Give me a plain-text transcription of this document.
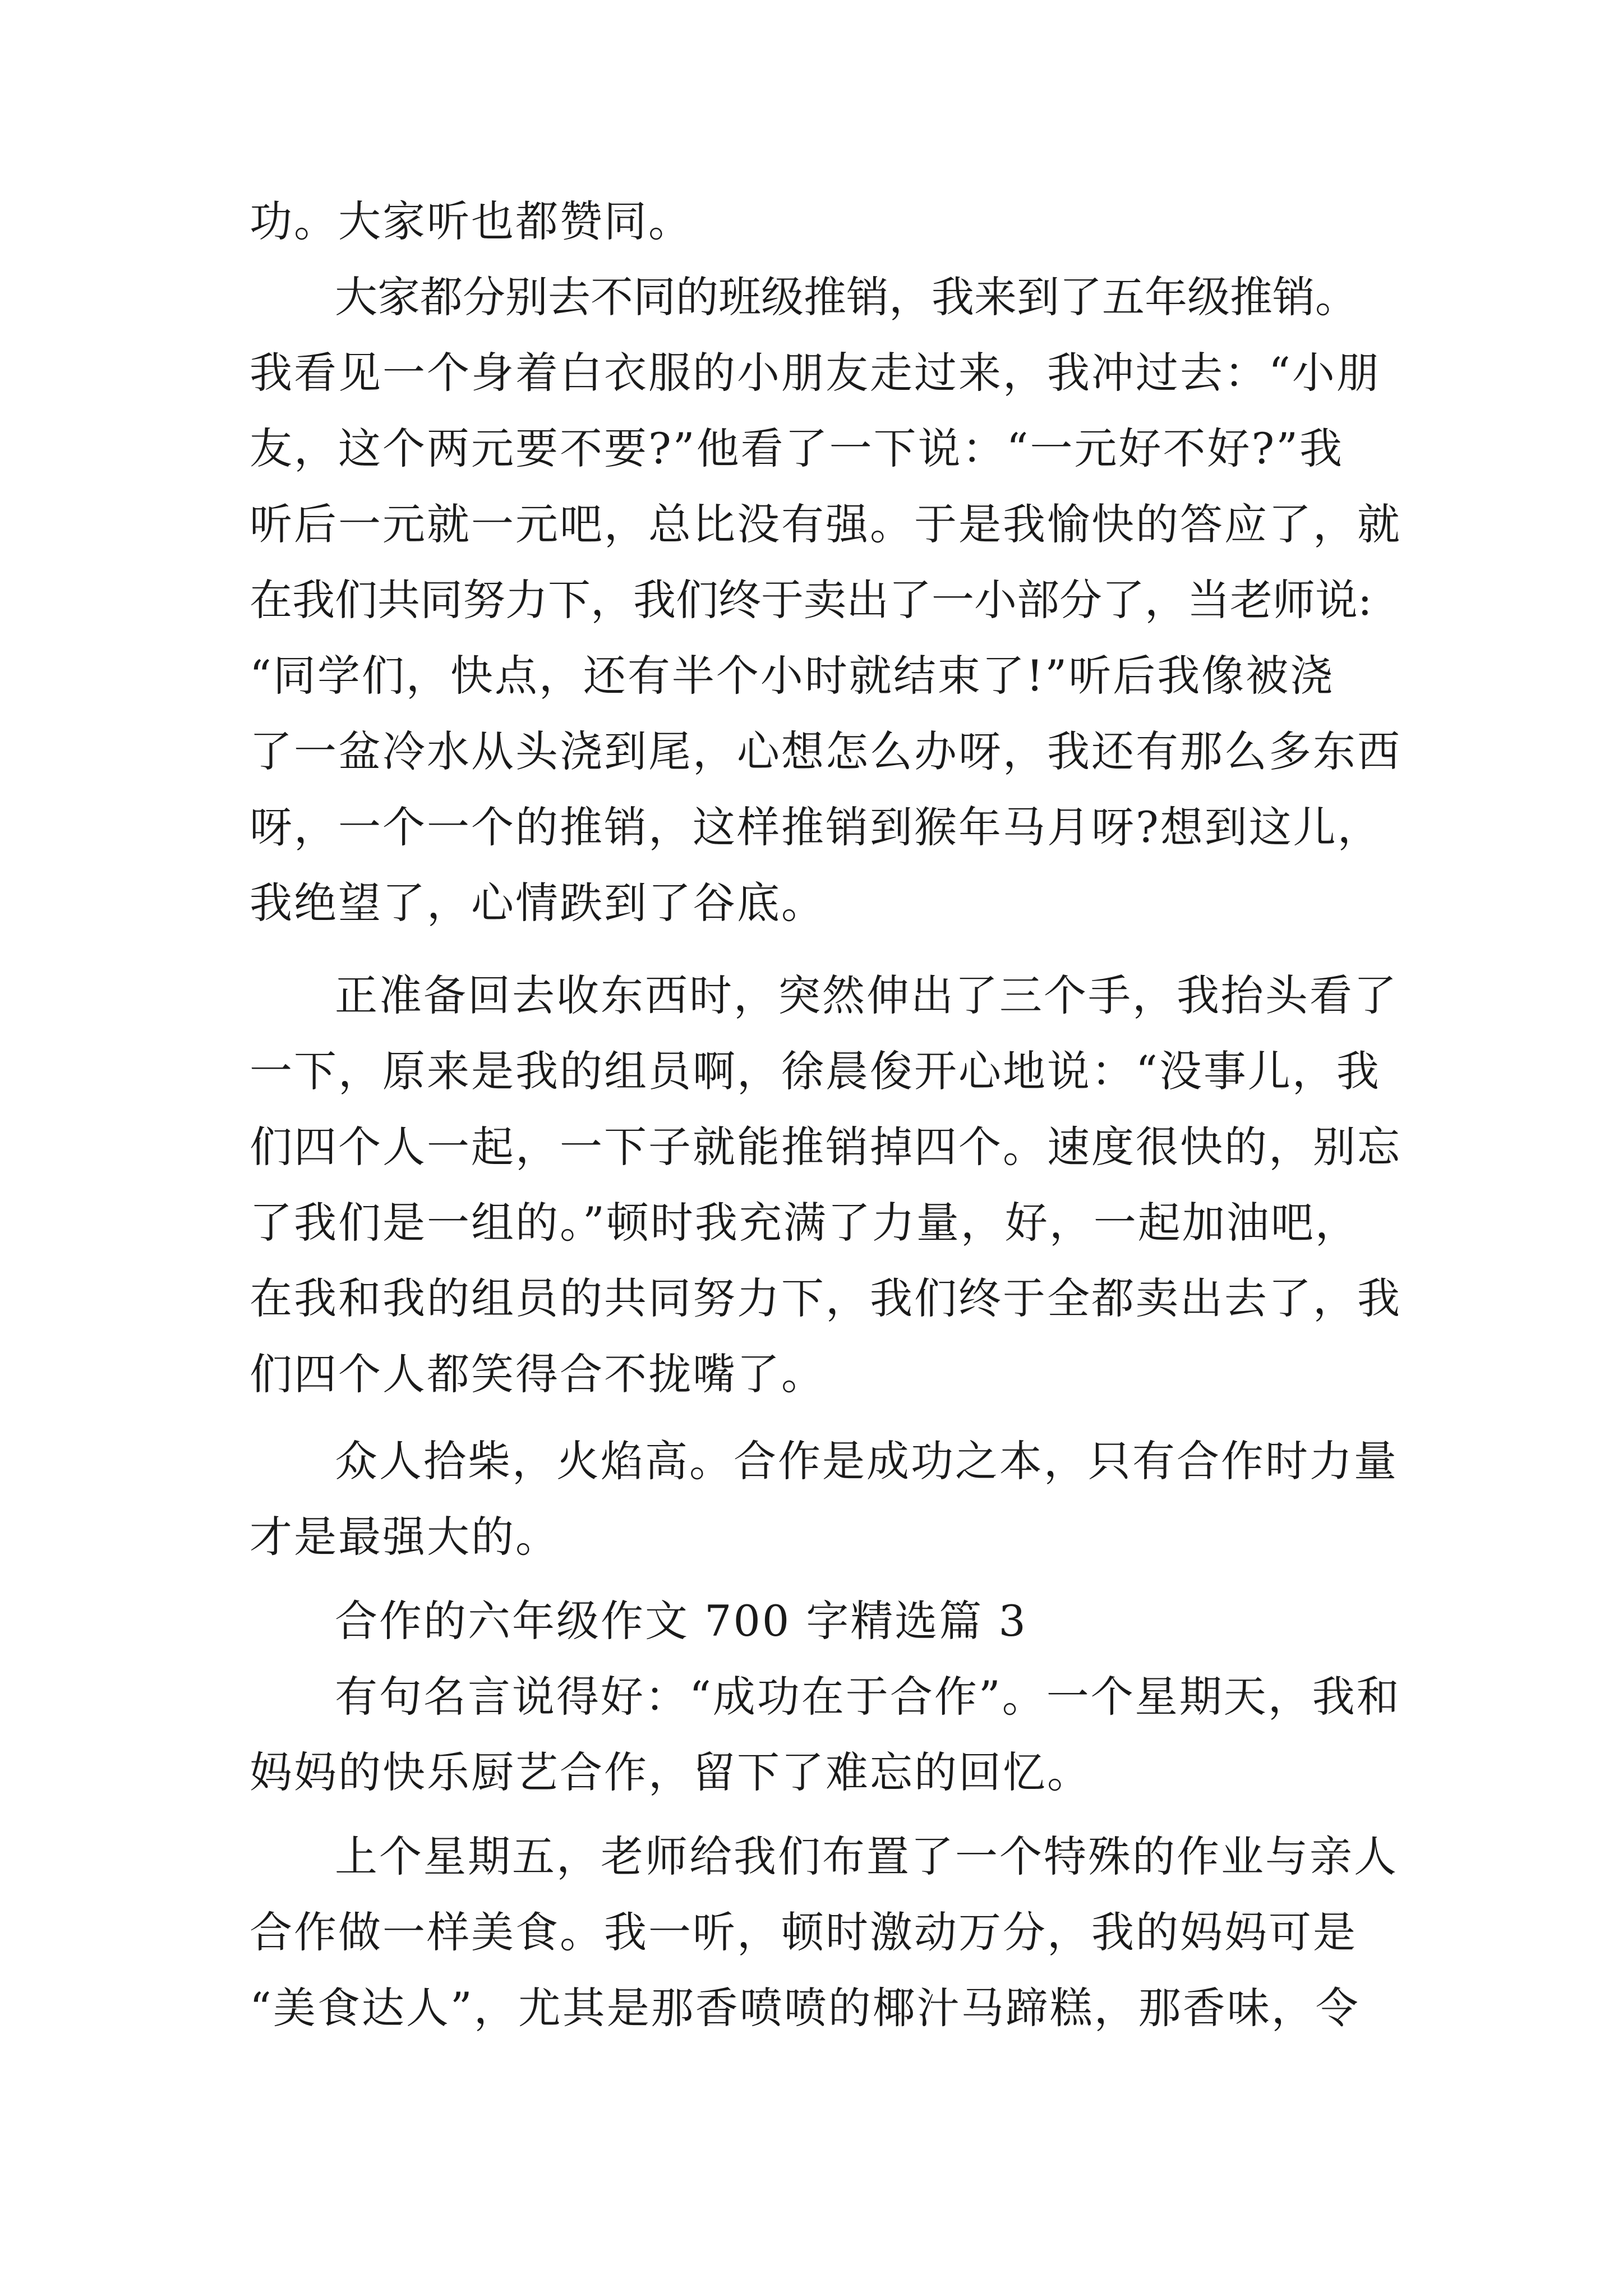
功。大家听也都赞同。

大家都分别去不同的班级推销，我来到了五年级推销。

我看见一个身着白衣服的小朋友走过来，我冲过去：“小朋

友，这个两元要不要?”他看了一下说：“一元好不好?”我

听后一元就一元吧，总比没有强。于是我愉快的答应了，就

在我们共同努力下，我们终于卖出了一小部分了，当老师说:

“同学们，快点，还有半个小时就结束了!”听后我像被浇

了一盆冷水从头浇到尾，心想怎么办呀，我还有那么多东西

呀，一个一个的推销，这样推销到猴年马月呀?想到这儿，

我绝望了，心情跌到了谷底。

正准备回去收东西时，突然伸出了三个手，我抬头看了

一下，原来是我的组员啊，徐晨俊开心地说：“没事儿，我

们四个人一起，一下子就能推销掉四个。速度很快的，别忘

了我们是一组的。”顿时我充满了力量，好，一起加油吧，

在我和我的组员的共同努力下，我们终于全都卖出去了，我

们四个人都笑得合不拢嘴了。

众人拾柴，火焰高。合作是成功之本，只有合作时力量

才是最强大的。

合作的六年级作文 700 字精选篇 3

有句名言说得好：“成功在于合作”。一个星期天，我和

妈妈的快乐厨艺合作，留下了难忘的回忆。

上个星期五，老师给我们布置了一个特殊的作业与亲人

合作做一样美食。我一听，顿时激动万分，我的妈妈可是

“美食达人”，尤其是那香喷喷的椰汁马蹄糕，那香味，令
